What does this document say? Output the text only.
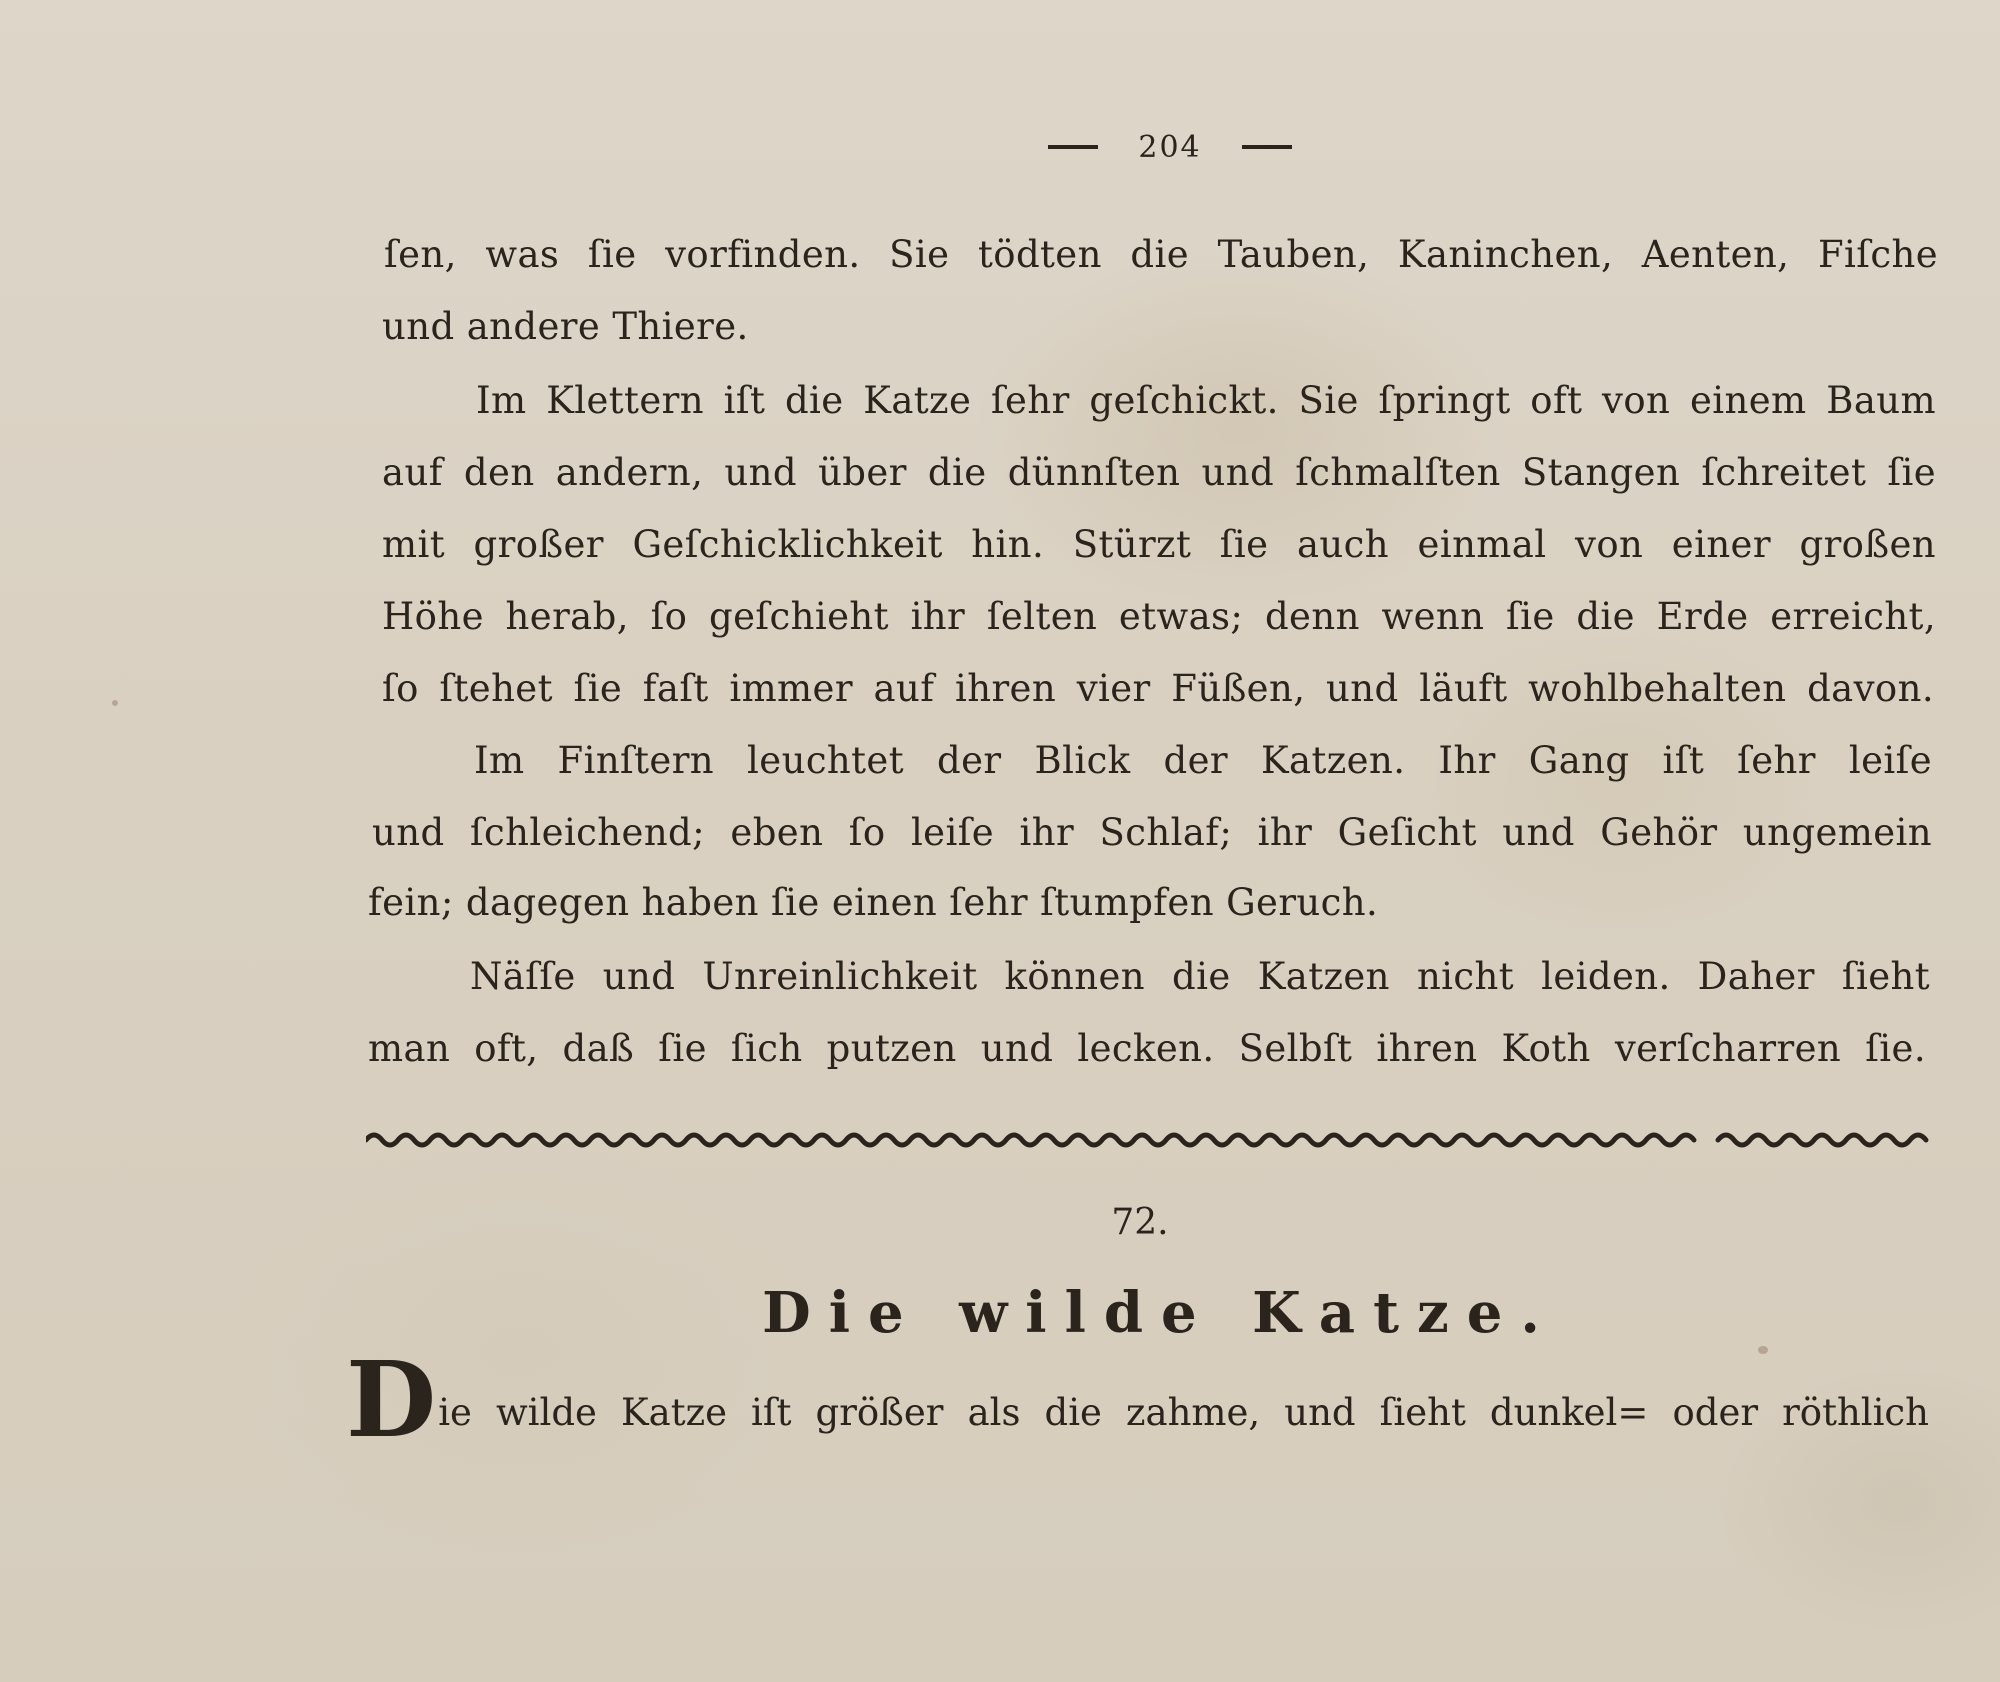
204
ſen, was ſie vorfinden. Sie tödten die Tauben, Kaninchen, Aenten, Fiſche
und andere Thiere.
Im Klettern iſt die Katze ſehr geſchickt. Sie ſpringt oft von einem Baum
auf den andern, und über die dünnſten und ſchmalſten Stangen ſchreitet ſie
mit großer Geſchicklichkeit hin. Stürzt ſie auch einmal von einer großen
Höhe herab, ſo geſchieht ihr ſelten etwas; denn wenn ſie die Erde erreicht,
ſo ſtehet ſie faſt immer auf ihren vier Füßen, und läuft wohlbehalten davon.
Im Finſtern leuchtet der Blick der Katzen. Ihr Gang iſt ſehr leiſe
und ſchleichend; eben ſo leiſe ihr Schlaf; ihr Geſicht und Gehör ungemein
fein; dagegen haben ſie einen ſehr ſtumpfen Geruch.
Näſſe und Unreinlichkeit können die Katzen nicht leiden. Daher ſieht
man oft, daß ſie ſich putzen und lecken. Selbſt ihren Koth verſcharren ſie.
72.
Die wilde Katze.
D ie wilde Katze iſt größer als die zahme, und ſieht dunkel= oder röthlich
